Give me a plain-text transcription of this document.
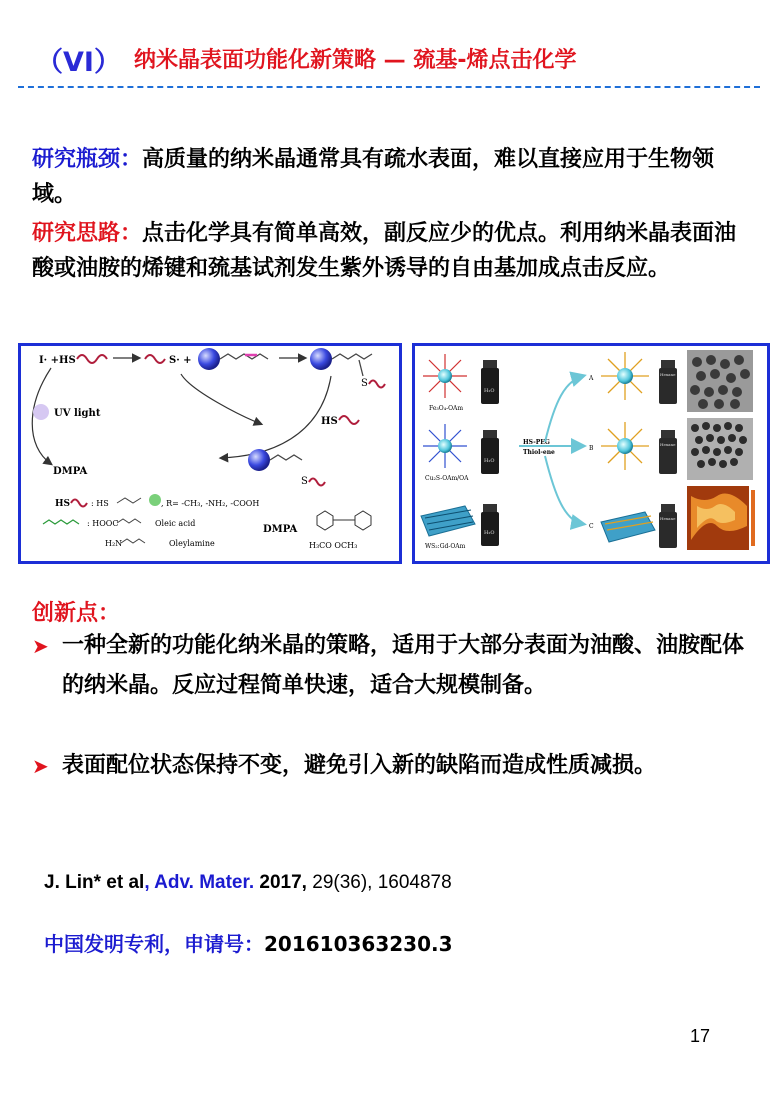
（VI） 纳米晶表面功能化新策略 — 巯基-烯点击化学
研究瓶颈：高质量的纳米晶通常具有疏水表面，难以直接应用于生物领域。
研究思路：点击化学具有简单高效，副反应少的优点。利用纳米晶表面油酸或油胺的烯键和巯基试剂发生紫外诱导的自由基加成点击反应。
I· +HS	S· +
S
UV light
DMPA
HS
S
HS	: HS	, R= -CH₃, -NH₂, -COOH
: HOOC	Oleic acid
H₂N	Oleylamine
DMPA
H₃CO OCH₃
Fe₃O₄-OAm
H₂O
Cu₂S-OAm/OA
H₂O
WS₂:Gd-OAm
H₂O
HS-PEG
Thiol-ene
A
B
C
Hexane
Hexane
Hexane
创新点：
➤ 一种全新的功能化纳米晶的策略，适用于大部分表面为油酸、油胺配体的纳米晶。反应过程简单快速，适合大规模制备。
➤ 表面配位状态保持不变，避免引入新的缺陷而造成性质减损。
J. Lin* et al, Adv. Mater. 2017, 29(36), 1604878
中国发明专利，申请号：201610363230.3
17
